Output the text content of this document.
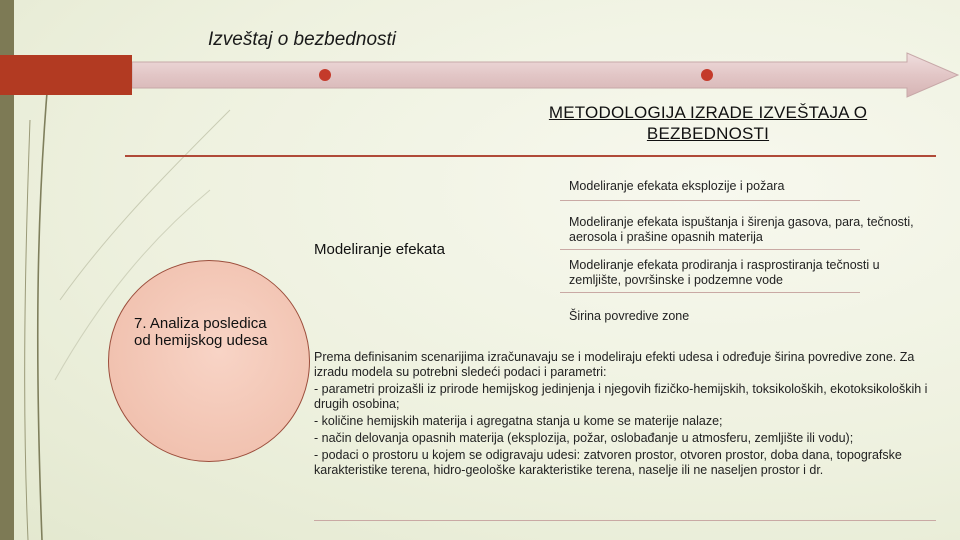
Izveštaj o bezbednosti
METODOLOGIJA IZRADE IZVEŠTAJA O BEZBEDNOSTI
Modeliranje efekata eksplozije i požara
Modeliranje efekata ispuštanja i širenja gasova, para, tečnosti, aerosola i prašine opasnih materija
Modeliranje efekata prodiranja i rasprostiranja tečnosti u zemljište, površinske i podzemne vode
Širina povredive zone
Modeliranje efekata
7. Analiza posledica od hemijskog udesa

Prema definisanim scenarijima izračunavaju se i modeliraju efekti udesa i određuje širina povredive zone. Za izradu modela su potrebni sledeći podaci i parametri:

- parametri proizašli iz prirode hemijskog jedinjenja i njegovih fizičko-hemijskih, toksikoloških, ekotoksikoloških i drugih osobina;

- količine hemijskih materija i agregatna stanja u kome se materije nalaze;

- način delovanja opasnih materija (eksplozija, požar, oslobađanje u atmosferu, zemljište ili vodu);

- podaci o prostoru u kojem se odigravaju udesi: zatvoren prostor, otvoren prostor, doba dana, topografske karakteristike terena, hidro-geološke karakteristike terena, naselje ili ne naseljen prostor i dr.
